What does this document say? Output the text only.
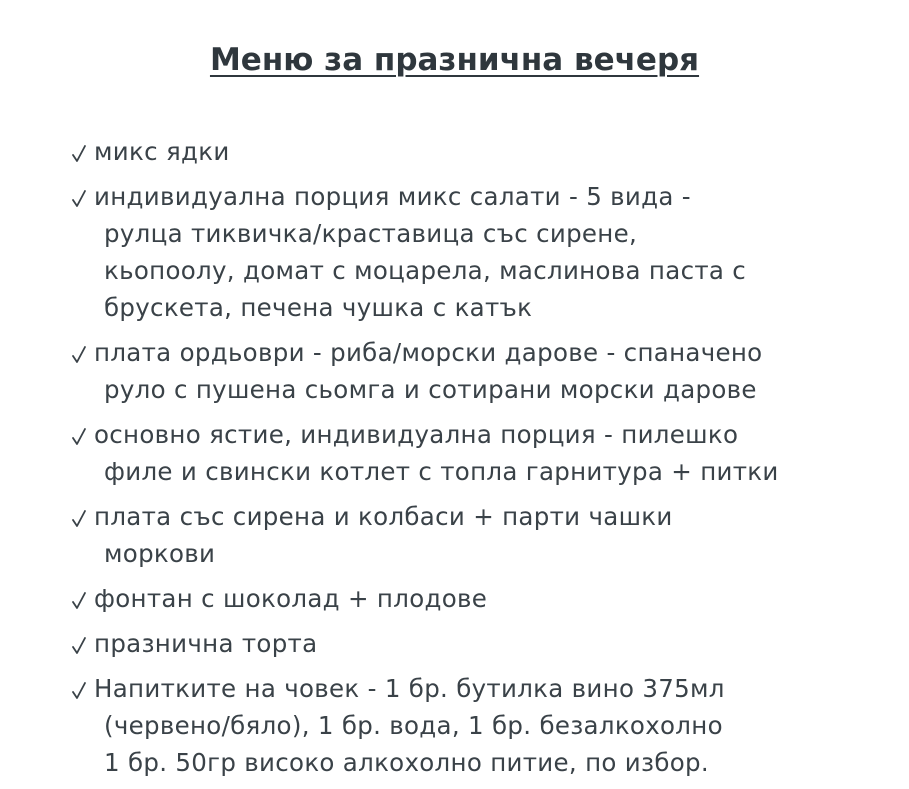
Меню за празнична вечеря
микс ядки
индивидуална порция микс салати - 5 вида -
рулца тиквичка/краставица със сирене,
кьопоолу, домат с моцарела, маслинова паста с
брускета, печена чушка с катък
плата ордьоври - риба/морски дарове - спаначено
руло с пушена сьомга и сотирани морски дарове
основно ястие, индивидуална порция - пилешко
филе и свински котлет с топла гарнитура + питки
плата със сирена и колбаси + парти чашки
моркови
фонтан с шоколад + плодове
празнична торта
Напитките на човек - 1 бр. бутилка вино 375мл
(червено/бяло), 1 бр. вода, 1 бр. безалкохолно
1 бр. 50гр високо алкохолно питие, по избор.
